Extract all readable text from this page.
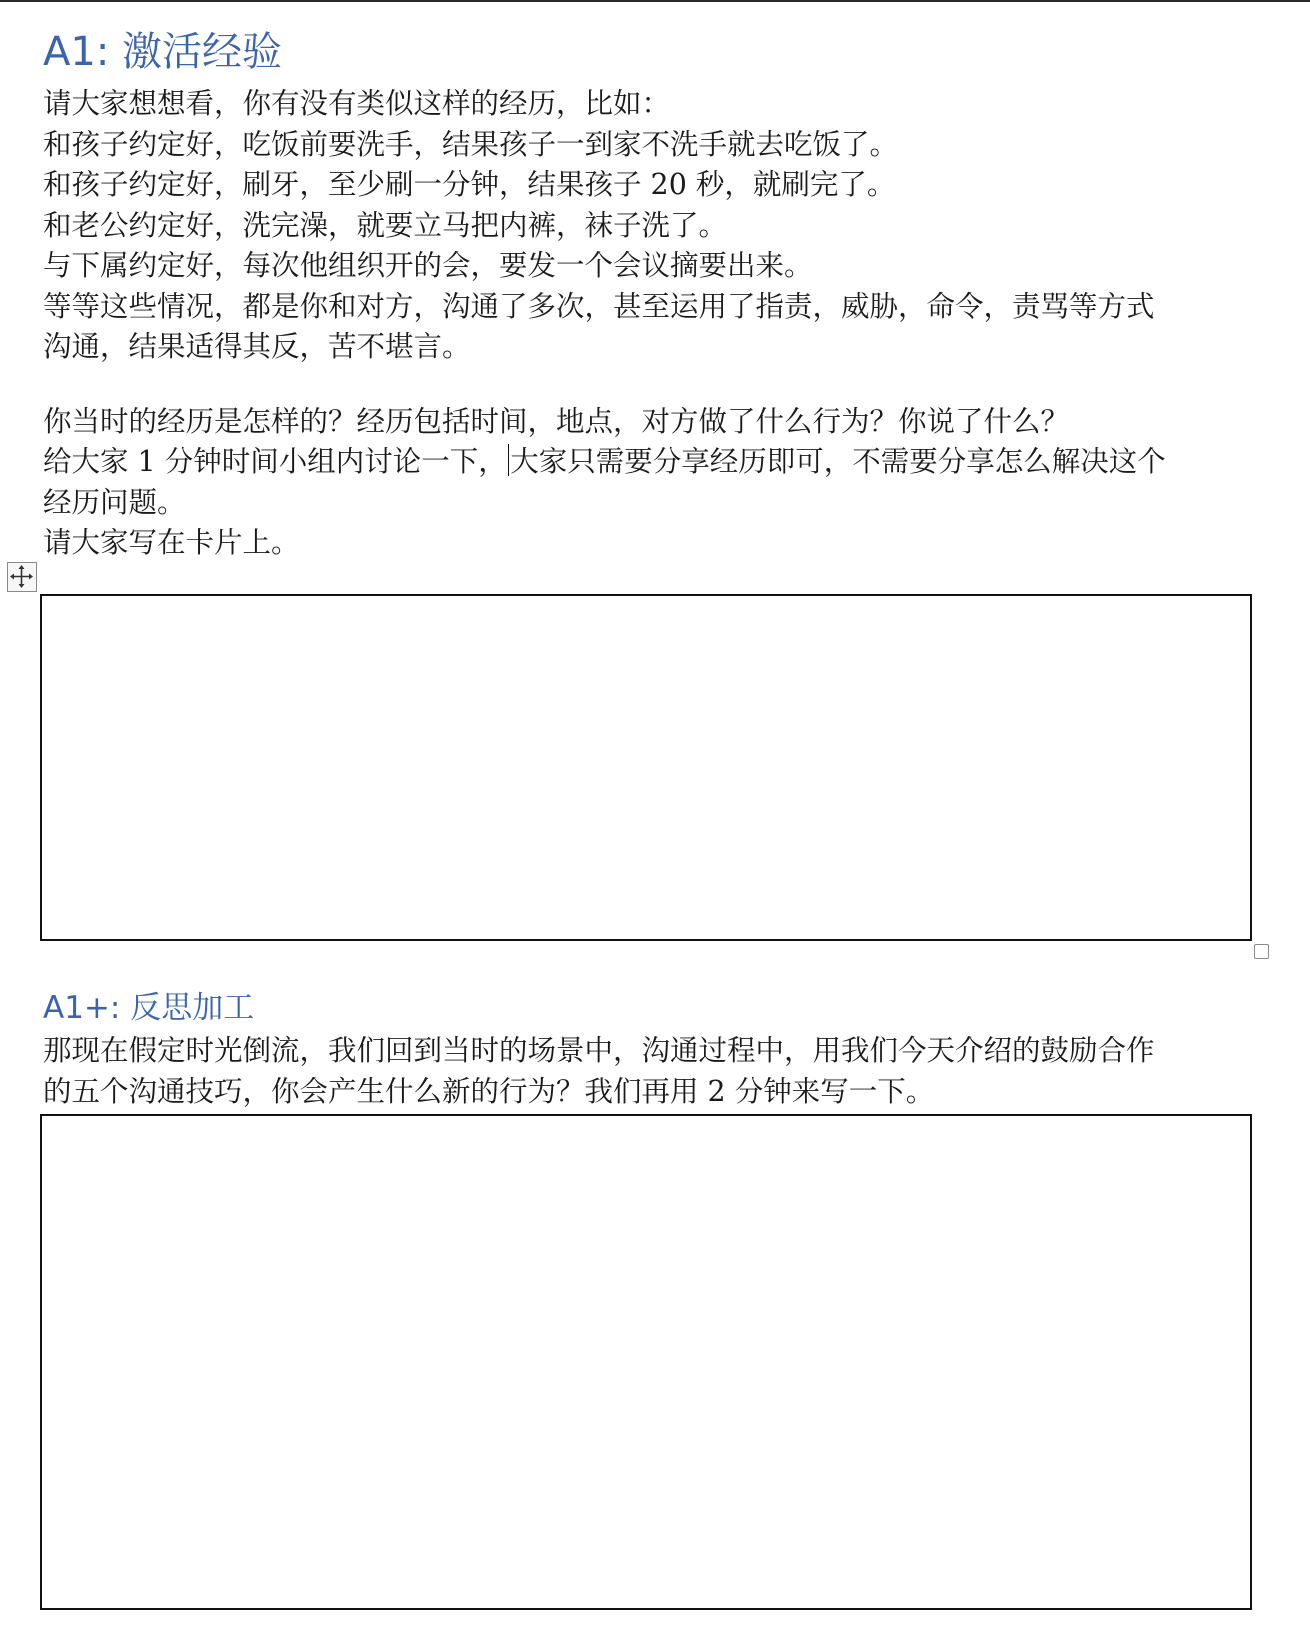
A1: 激活经验
请大家想想看，你有没有类似这样的经历，比如：
和孩子约定好，吃饭前要洗手，结果孩子一到家不洗手就去吃饭了。
和孩子约定好，刷牙，至少刷一分钟，结果孩子 20 秒，就刷完了。
和老公约定好，洗完澡，就要立马把内裤，袜子洗了。
与下属约定好，每次他组织开的会，要发一个会议摘要出来。
等等这些情况，都是你和对方，沟通了多次，甚至运用了指责，威胁，命令，责骂等方式
沟通，结果适得其反，苦不堪言。
你当时的经历是怎样的？经历包括时间，地点，对方做了什么行为？你说了什么？
给大家 1 分钟时间小组内讨论一下， 大家只需要分享经历即可，不需要分享怎么解决这个
经历问题。
请大家写在卡片上。
A1+: 反思加工
那现在假定时光倒流，我们回到当时的场景中，沟通过程中，用我们今天介绍的鼓励合作
的五个沟通技巧，你会产生什么新的行为？我们再用 2 分钟来写一下。
